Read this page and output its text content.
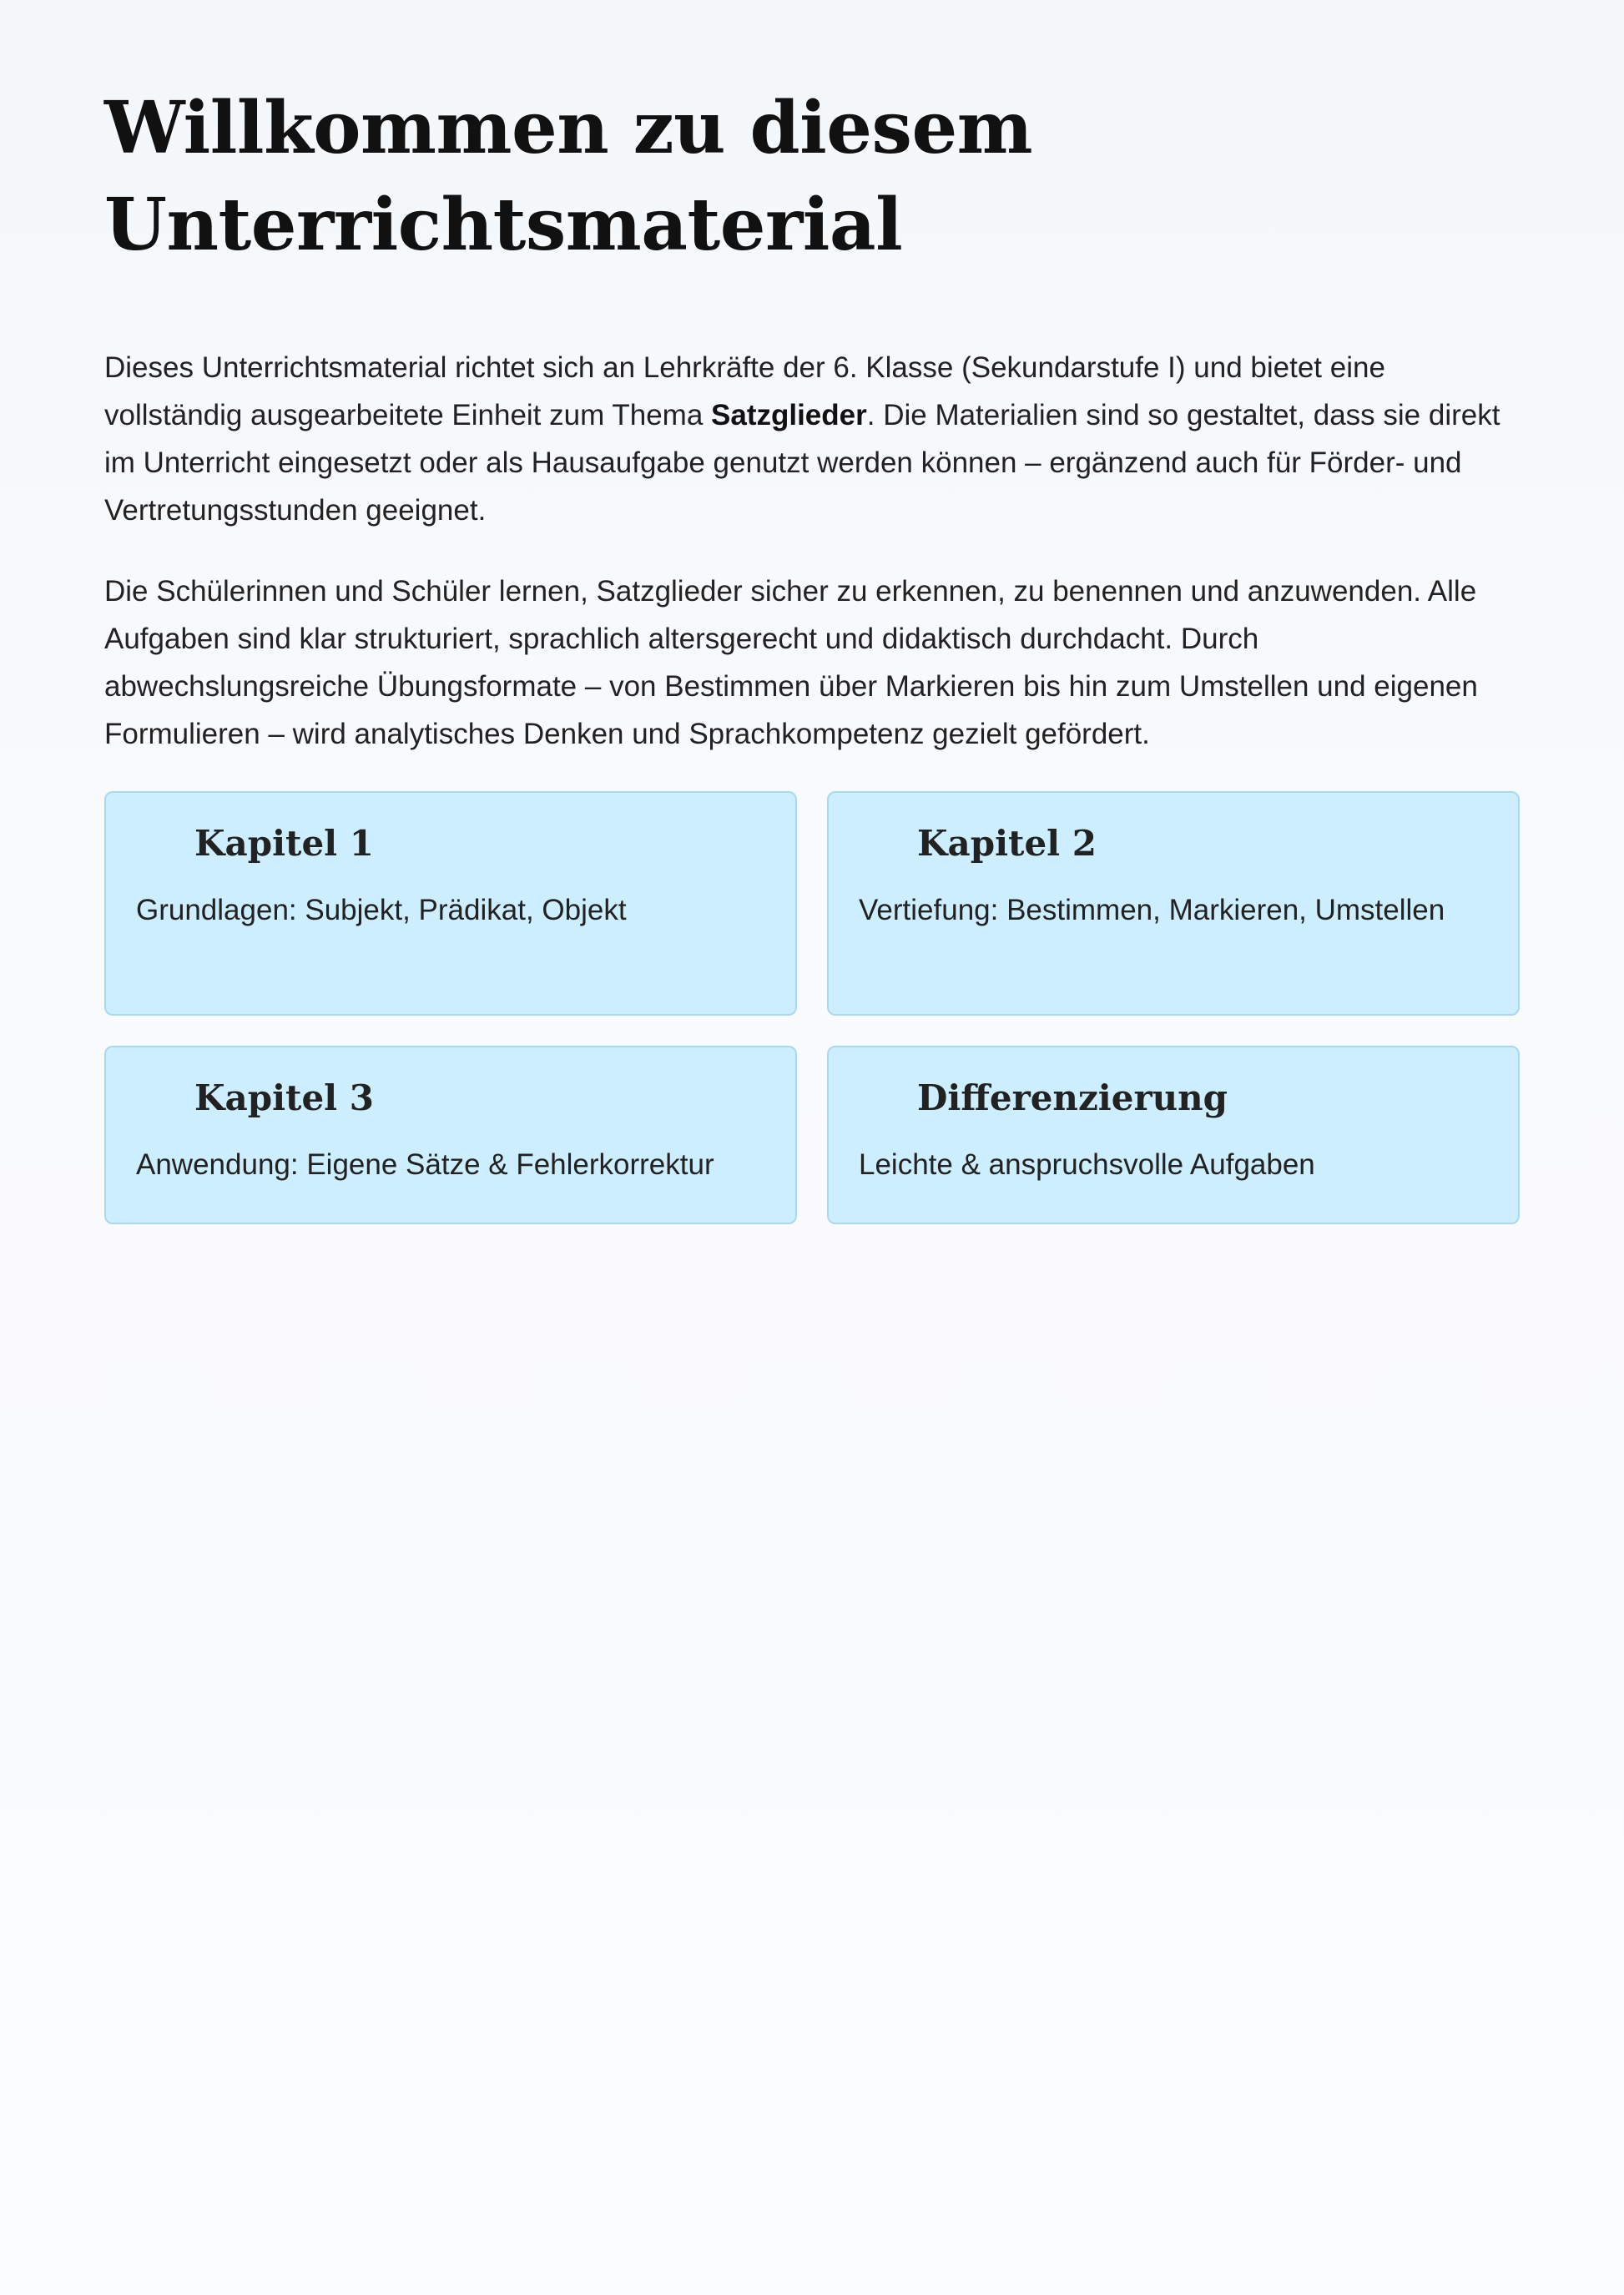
Willkommen zu diesem
Unterrichtsmaterial

Dieses Unterrichtsmaterial richtet sich an Lehrkräfte der 6. Klasse (Sekundarstufe I) und bietet eine vollständig ausgearbeitete Einheit zum Thema Satzglieder. Die Materialien sind so gestaltet, dass sie direkt im Unterricht eingesetzt oder als Hausaufgabe genutzt werden können – ergänzend auch für Förder- und Vertretungsstunden geeignet.

Die Schülerinnen und Schüler lernen, Satzglieder sicher zu erkennen, zu benennen und anzuwenden. Alle Aufgaben sind klar strukturiert, sprachlich altersgerecht und didaktisch durchdacht. Durch abwechslungsreiche Übungsformate – von Bestimmen über Markieren bis hin zum Umstellen und eigenen Formulieren – wird analytisches Denken und Sprachkompetenz gezielt gefördert.

Kapitel 1

Grundlagen: Subjekt, Prädikat, Objekt

Kapitel 2

Vertiefung: Bestimmen, Markieren, Umstellen

Kapitel 3

Anwendung: Eigene Sätze & Fehlerkorrektur

Differenzierung

Leichte & anspruchsvolle Aufgaben
